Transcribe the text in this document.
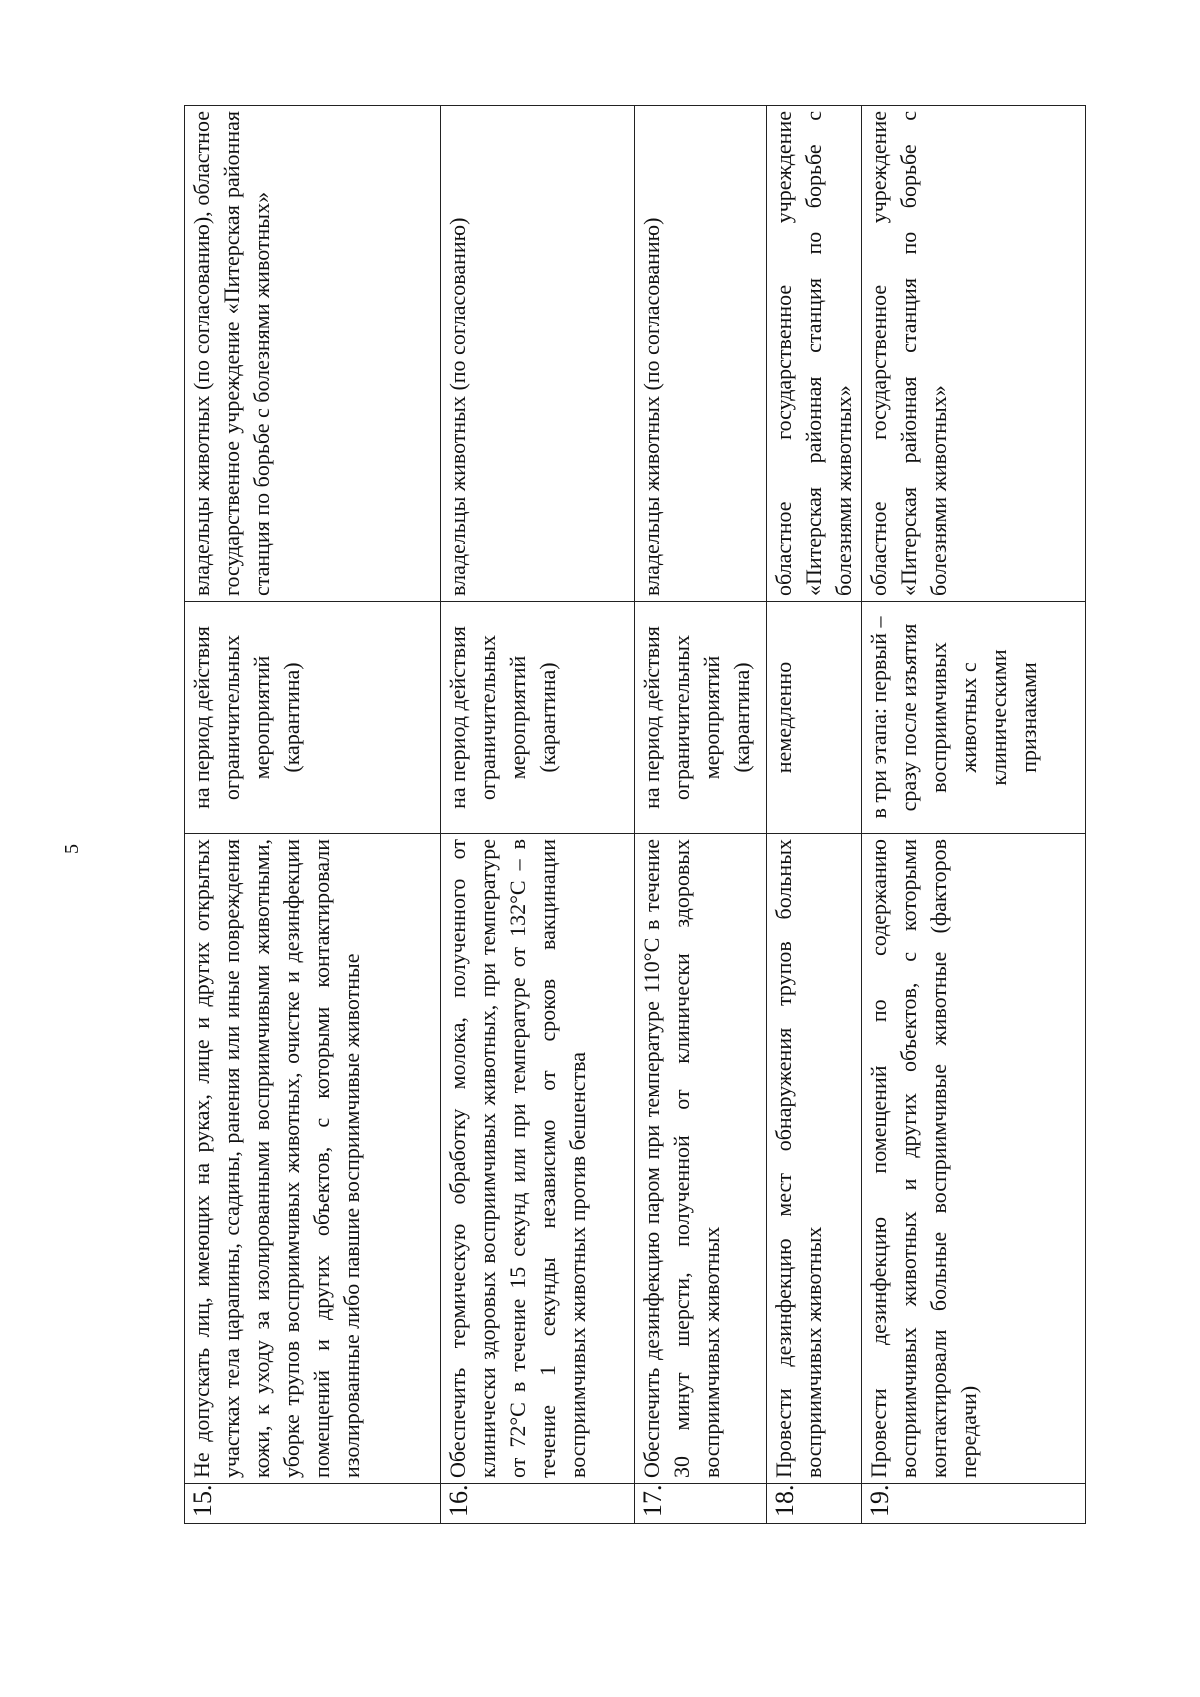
5
15.	Не допускать лиц, имеющих на руках, лице и других открытых участках тела царапины, ссадины, ранения или иные повреждения кожи, к уходу за изолированными восприимчивыми животными, уборке трупов восприимчивых животных, очистке и дезинфекции помещений и других объектов, с которыми контактировали изолированные либо павшие восприимчивые животные	на период действия ограничительных мероприятий (карантина)	владельцы животных (по согласованию), областное государственное учреждение «Питерская районная станция по борьбе с болезнями животных»
16.	Обеспечить термическую обработку молока, полученного от клинически здоровых восприимчивых животных, при температуре от 72°С в течение 15 секунд или при температуре от 132°С – в течение 1 секунды независимо от сроков вакцинации восприимчивых животных против бешенства	на период действия ограничительных мероприятий (карантина)	владельцы животных (по согласованию)
17.	Обеспечить дезинфекцию паром при температуре 110°С в течение 30 минут шерсти, полученной от клинически здоровых восприимчивых животных	на период действия ограничительных мероприятий (карантина)	владельцы животных (по согласованию)
18.	Провести дезинфекцию мест обнаружения трупов больных восприимчивых животных	немедленно	областное государственное учреждение «Питерская районная станция по борьбе с болезнями животных»
19.	Провести дезинфекцию помещений по содержанию восприимчивых животных и других объектов, с которыми контактировали больные восприимчивые животные (факторов передачи)	в три этапа: первый – сразу после изъятия восприимчивых животных с клиническими признаками	областное государственное учреждение «Питерская районная станция по борьбе с болезнями животных»
